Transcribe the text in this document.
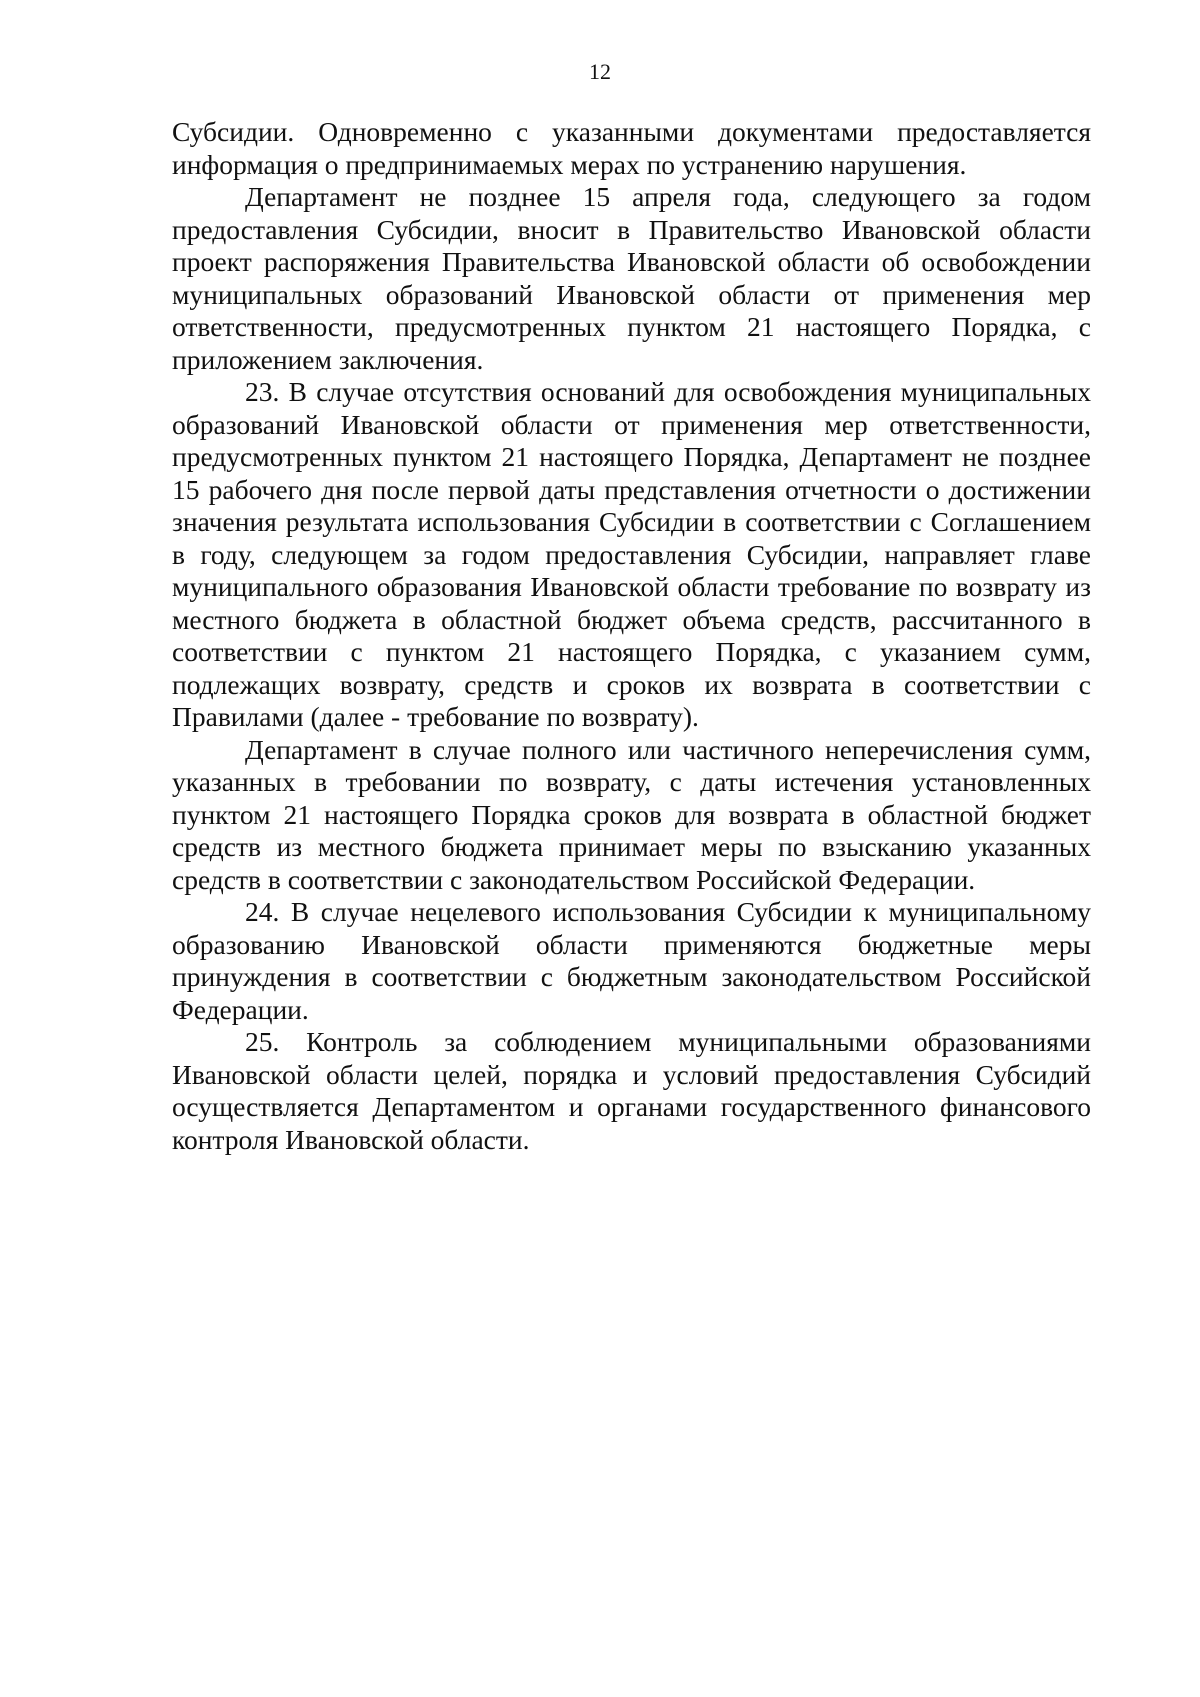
12

Субсидии. Одновременно с указанными документами предоставляется информация о предпринимаемых мерах по устранению нарушения.

Департамент не позднее 15 апреля года, следующего за годом предоставления Субсидии, вносит в Правительство Ивановской области проект распоряжения Правительства Ивановской области об освобождении муниципальных образований Ивановской области от применения мер ответственности, предусмотренных пунктом 21 настоящего Порядка, с приложением заключения.

23. В случае отсутствия оснований для освобождения муниципальных образований Ивановской области от применения мер ответственности, предусмотренных пунктом 21 настоящего Порядка, Департамент не позднее 15 рабочего дня после первой даты представления отчетности о достижении значения результата использования Субсидии в соответствии с Соглашением в году, следующем за годом предоставления Субсидии, направляет главе муниципального образования Ивановской области требование по возврату из местного бюджета в областной бюджет объема средств, рассчитанного в соответствии с пунктом 21 настоящего Порядка, с указанием сумм, подлежащих возврату, средств и сроков их возврата в соответствии с Правилами (далее - требование по возврату).

Департамент в случае полного или частичного неперечисления сумм, указанных в требовании по возврату, с даты истечения установленных пунктом 21 настоящего Порядка сроков для возврата в областной бюджет средств из местного бюджета принимает меры по взысканию указанных средств в соответствии с законодательством Российской Федерации.

24. В случае нецелевого использования Субсидии к муниципальному образованию Ивановской области применяются бюджетные меры принуждения в соответствии с бюджетным законодательством Российской Федерации.

25. Контроль за соблюдением муниципальными образованиями Ивановской области целей, порядка и условий предоставления Субсидий осуществляется Департаментом и органами государственного финансового контроля Ивановской области.
